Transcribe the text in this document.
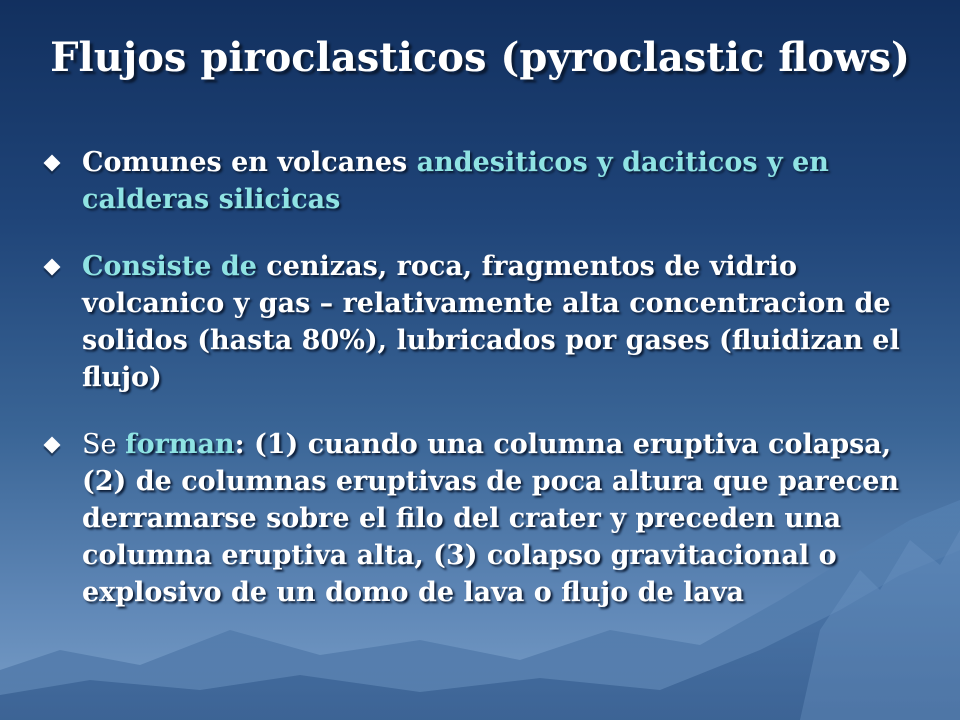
Flujos piroclasticos (pyroclastic flows)
Comunes en volcanes andesiticos y daciticos y en calderas silicicas
Consiste de cenizas, roca, fragmentos de vidrio volcanico y gas – relativamente alta concentracion de solidos (hasta 80%), lubricados por gases (fluidizan el flujo)
Se forman: (1) cuando una columna eruptiva colapsa, (2) de columnas eruptivas de poca altura que parecen derramarse sobre el filo del crater y preceden una columna eruptiva alta, (3) colapso gravitacional o explosivo de un domo de lava o flujo de lava
